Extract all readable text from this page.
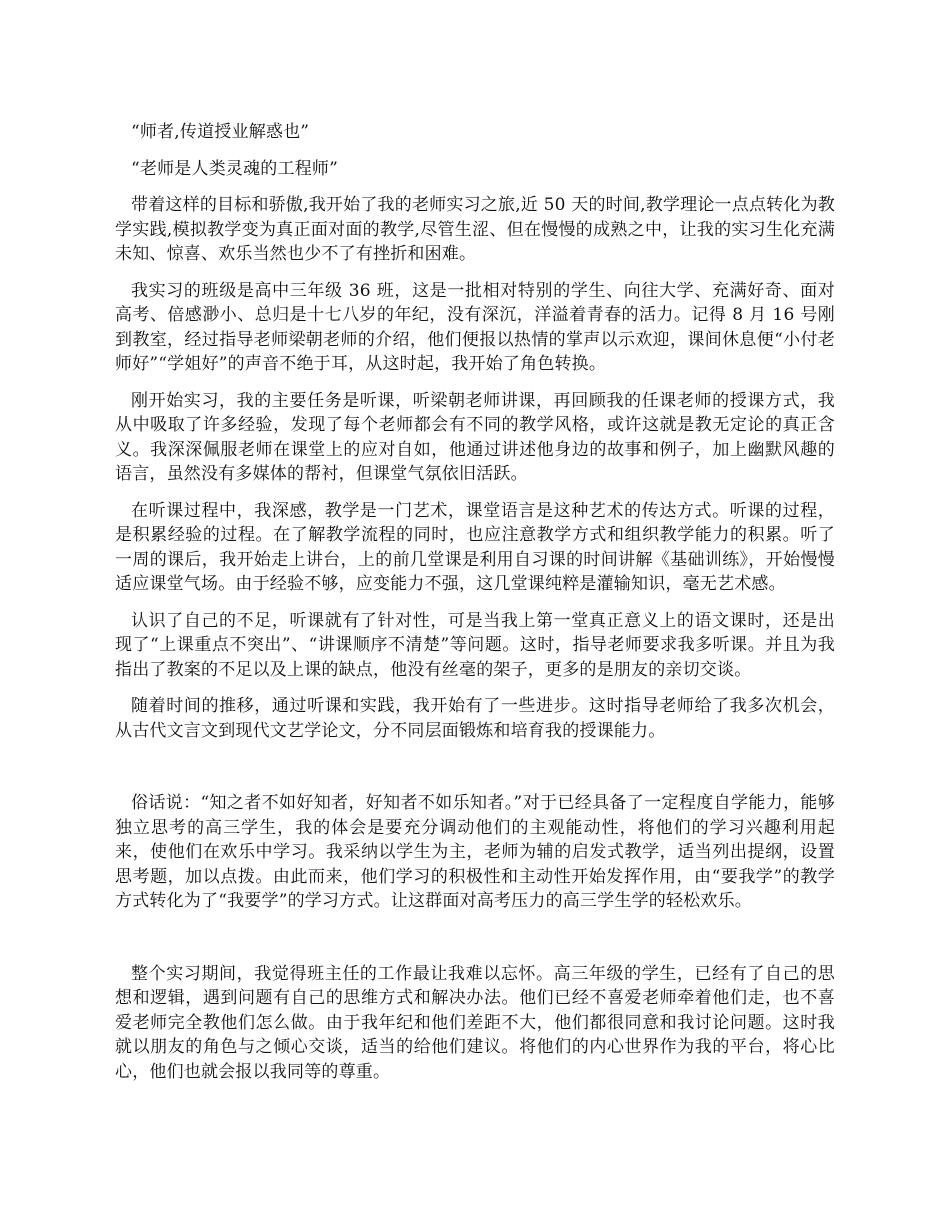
“师者,传道授业解惑也”

“老师是人类灵魂的工程师”

带着这样的目标和骄傲,我开始了我的老师实习之旅,近 50 天的时间,教学理论一点点转化为教学实践,模拟教学变为真正面对面的教学,尽管生涩、但在慢慢的成熟之中，让我的实习生化充满未知、惊喜、欢乐当然也少不了有挫折和困难。

我实习的班级是高中三年级 36 班，这是一批相对特别的学生、向往大学、充满好奇、面对高考、倍感渺小、总归是十七八岁的年纪，没有深沉，洋溢着青春的活力。记得 8 月 16 号刚到教室，经过指导老师梁朝老师的介绍，他们便报以热情的掌声以示欢迎，课间休息便“小付老师好”“学姐好”的声音不绝于耳，从这时起，我开始了角色转换。

刚开始实习，我的主要任务是听课，听梁朝老师讲课，再回顾我的任课老师的授课方式，我从中吸取了许多经验，发现了每个老师都会有不同的教学风格，或许这就是教无定论的真正含义。我深深佩服老师在课堂上的应对自如，他通过讲述他身边的故事和例子，加上幽默风趣的语言，虽然没有多媒体的帮衬，但课堂气氛依旧活跃。

在听课过程中，我深感，教学是一门艺术，课堂语言是这种艺术的传达方式。听课的过程，是积累经验的过程。在了解教学流程的同时，也应注意教学方式和组织教学能力的积累。听了一周的课后，我开始走上讲台，上的前几堂课是利用自习课的时间讲解《基础训练》，开始慢慢适应课堂气场。由于经验不够，应变能力不强，这几堂课纯粹是灌输知识，毫无艺术感。

认识了自己的不足，听课就有了针对性，可是当我上第一堂真正意义上的语文课时，还是出现了“上课重点不突出”、“讲课顺序不清楚”等问题。这时，指导老师要求我多听课。并且为我指出了教案的不足以及上课的缺点，他没有丝毫的架子，更多的是朋友的亲切交谈。

随着时间的推移，通过听课和实践，我开始有了一些进步。这时指导老师给了我多次机会，从古代文言文到现代文艺学论文，分不同层面锻炼和培育我的授课能力。

俗话说：“知之者不如好知者，好知者不如乐知者。”对于已经具备了一定程度自学能力，能够独立思考的高三学生，我的体会是要充分调动他们的主观能动性，将他们的学习兴趣利用起来，使他们在欢乐中学习。我采纳以学生为主，老师为辅的启发式教学，适当列出提纲，设置思考题，加以点拨。由此而来，他们学习的积极性和主动性开始发挥作用，由“要我学”的教学方式转化为了“我要学”的学习方式。让这群面对高考压力的高三学生学的轻松欢乐。

整个实习期间，我觉得班主任的工作最让我难以忘怀。高三年级的学生，已经有了自己的思想和逻辑，遇到问题有自己的思维方式和解决办法。他们已经不喜爱老师牵着他们走，也不喜爱老师完全教他们怎么做。由于我年纪和他们差距不大，他们都很同意和我讨论问题。这时我就以朋友的角色与之倾心交谈，适当的给他们建议。将他们的内心世界作为我的平台，将心比心，他们也就会报以我同等的尊重。
